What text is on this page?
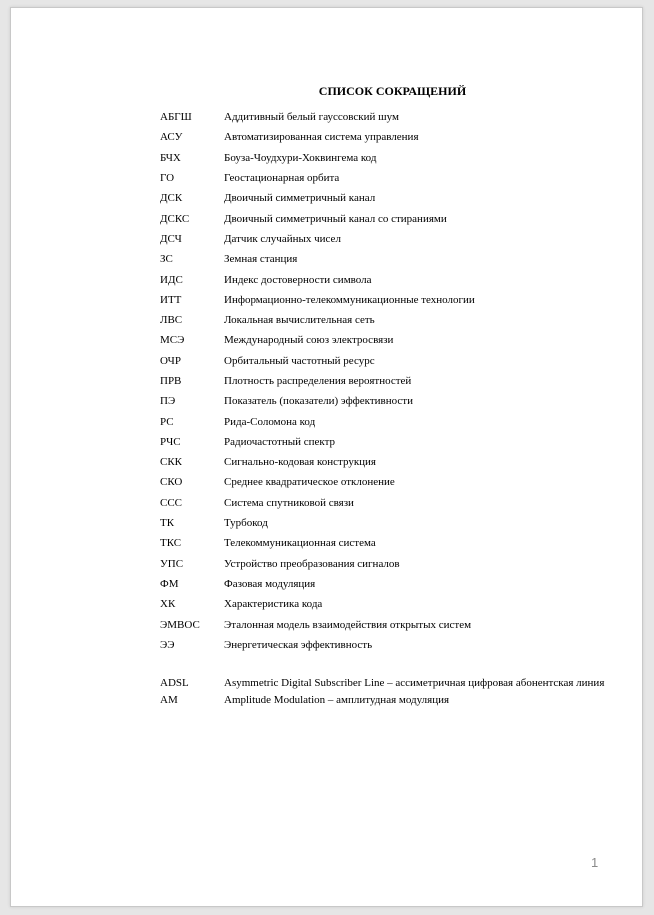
СПИСОК СОКРАЩЕНИЙ
АБГШ	Аддитивный белый гауссовский шум
АСУ	Автоматизированная система управления
БЧХ	Боуза-Чоудхури-Хоквингема код
ГО	Геостационарная орбита
ДСК	Двоичный симметричный канал
ДСКС	Двоичный симметричный канал со стираниями
ДСЧ	Датчик случайных чисел
ЗС	Земная станция
ИДС	Индекс достоверности символа
ИТТ	Информационно-телекоммуникационные технологии
ЛВС	Локальная вычислительная сеть
МСЭ	Международный союз электросвязи
ОЧР	Орбитальный частотный ресурс
ПРВ	Плотность распределения вероятностей
ПЭ	Показатель (показатели) эффективности
РС	Рида-Соломона код
РЧС	Радиочастотный спектр
СКК	Сигнально-кодовая конструкция
СКО	Среднее квадратическое отклонение
ССС	Система спутниковой связи
ТК	Турбокод
ТКС	Телекоммуникационная система
УПС	Устройство преобразования сигналов
ФМ	Фазовая модуляция
ХК	Характеристика кода
ЭМВОС	Эталонная модель взаимодействия открытых систем
ЭЭ	Энергетическая эффективность
ADSL	Asymmetric Digital Subscriber Line – ассиметричная цифровая абонентская линия
AM	Amplitude Modulation – амплитудная модуляция
1
